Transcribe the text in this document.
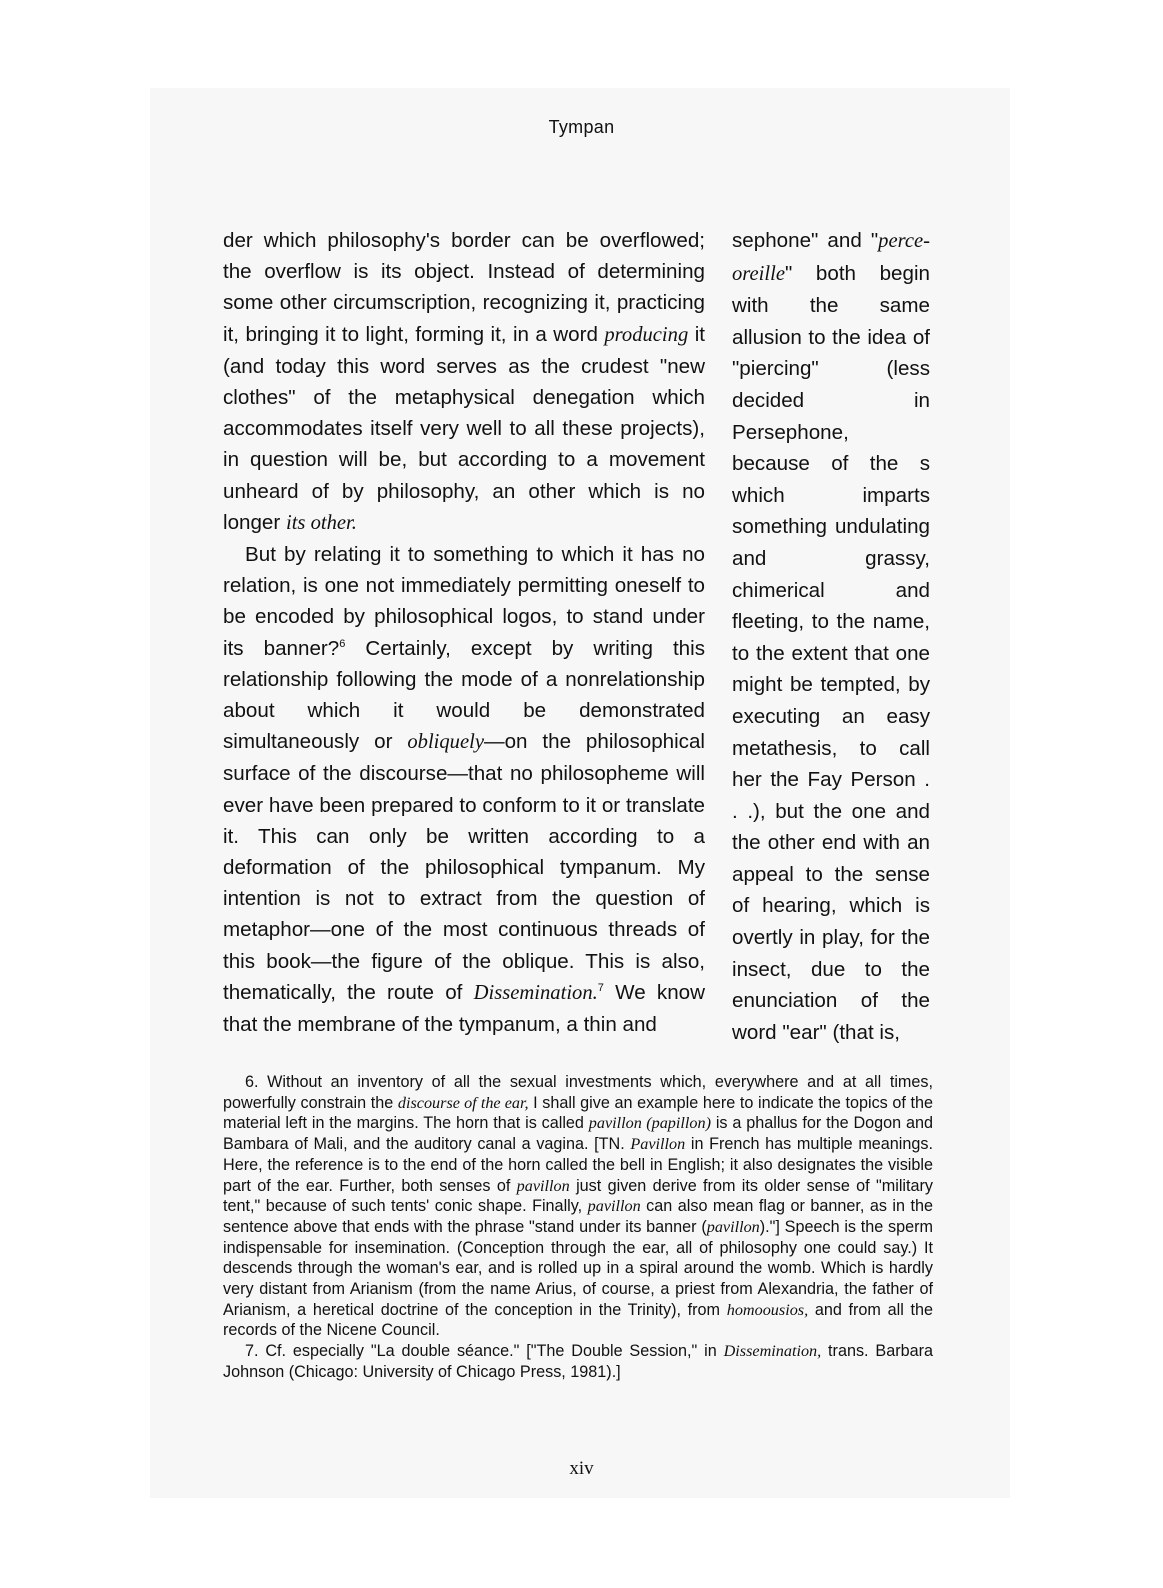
Tympan

der which philosophy's border can be overflowed; the overflow is its object. Instead of determining some other circumscription, recognizing it, practicing it, bringing it to light, forming it, in a word producing it (and today this word serves as the crudest "new clothes" of the metaphysical denegation which accommodates itself very well to all these projects), in question will be, but according to a movement unheard of by philosophy, an other which is no longer its other.

But by relating it to something to which it has no relation, is one not immediately permitting oneself to be encoded by philosophical logos, to stand under its banner?$^6$ Certainly, except by writing this relationship following the mode of a nonrelationship about which it would be demonstrated simultaneously or obliquely—on the philosophical surface of the discourse—that no philosopheme will ever have been prepared to conform to it or translate it. This can only be written according to a deformation of the philosophical tympanum. My intention is not to extract from the question of metaphor—one of the most continuous threads of this book—the figure of the oblique. This is also, thematically, the route of Dissemination.$^7$ We know that the membrane of the tympanum, a thin and

sephone" and "perce-oreille" both begin with the same allusion to the idea of "piercing" (less decided in Persephone, because of the s which imparts something undulating and grassy, chimerical and fleeting, to the name, to the extent that one might be tempted, by executing an easy metathesis, to call her the Fay Person . . .), but the one and the other end with an appeal to the sense of hearing, which is overtly in play, for the insect, due to the enunciation of the word "ear" (that is,

6. Without an inventory of all the sexual investments which, everywhere and at all times, powerfully constrain the discourse of the ear, I shall give an example here to indicate the topics of the material left in the margins. The horn that is called pavillon (papillon) is a phallus for the Dogon and Bambara of Mali, and the auditory canal a vagina. [TN. Pavillon in French has multiple meanings. Here, the reference is to the end of the horn called the bell in English; it also designates the visible part of the ear. Further, both senses of pavillon just given derive from its older sense of "military tent," because of such tents' conic shape. Finally, pavillon can also mean flag or banner, as in the sentence above that ends with the phrase "stand under its banner (pavillon)."] Speech is the sperm indispensable for insemination. (Conception through the ear, all of philosophy one could say.) It descends through the woman's ear, and is rolled up in a spiral around the womb. Which is hardly very distant from Arianism (from the name Arius, of course, a priest from Alexandria, the father of Arianism, a heretical doctrine of the conception in the Trinity), from homoousios, and from all the records of the Nicene Council.

7. Cf. especially "La double séance." ["The Double Session," in Dissemination, trans. Barbara Johnson (Chicago: University of Chicago Press, 1981).]

xiv
